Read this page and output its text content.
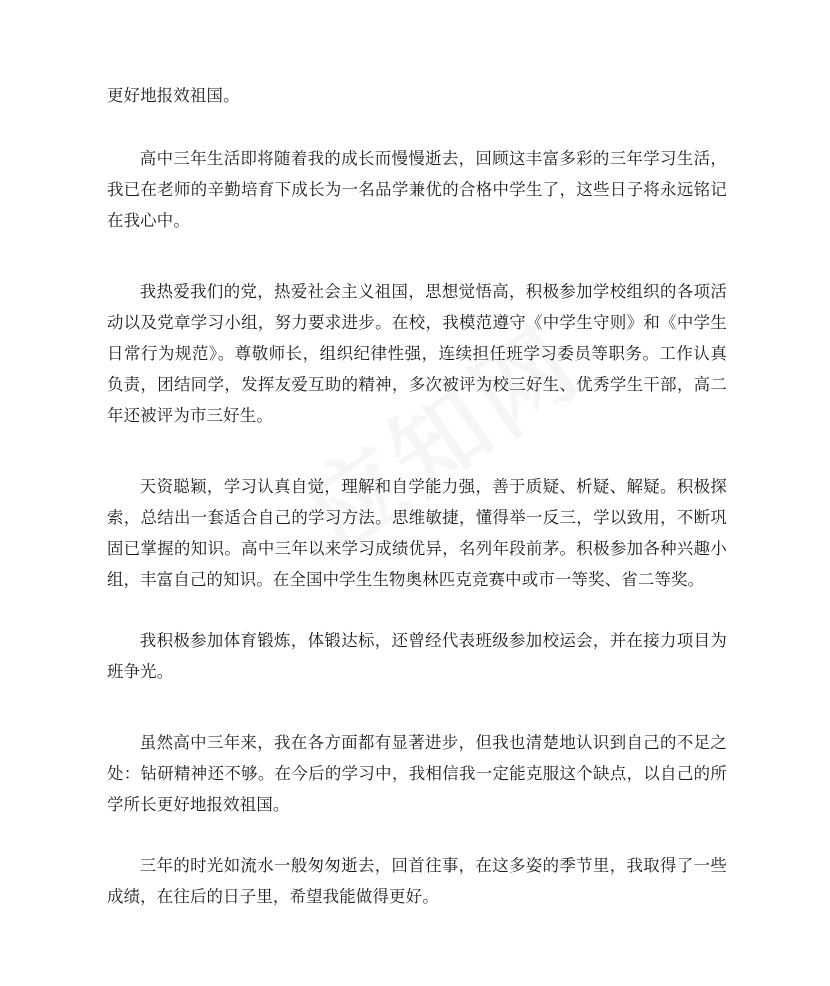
更好地报效祖国。

高中三年生活即将随着我的成长而慢慢逝去，回顾这丰富多彩的三年学习生活，我已在老师的辛勤培育下成长为一名品学兼优的合格中学生了，这些日子将永远铭记在我心中。

我热爱我们的党，热爱社会主义祖国，思想觉悟高，积极参加学校组织的各项活动以及党章学习小组，努力要求进步。在校，我模范遵守《中学生守则》和《中学生日常行为规范》。尊敬师长，组织纪律性强，连续担任班学习委员等职务。工作认真负责，团结同学，发挥友爱互助的精神，多次被评为校三好生、优秀学生干部，高二年还被评为市三好生。

天资聪颖，学习认真自觉，理解和自学能力强，善于质疑、析疑、解疑。积极探索，总结出一套适合自己的学习方法。思维敏捷，懂得举一反三，学以致用，不断巩固已掌握的知识。高中三年以来学习成绩优异，名列年段前茅。积极参加各种兴趣小组，丰富自己的知识。在全国中学生生物奥林匹克竞赛中或市一等奖、省二等奖。

我积极参加体育锻炼，体锻达标，还曾经代表班级参加校运会，并在接力项目为班争光。

虽然高中三年来，我在各方面都有显著进步，但我也清楚地认识到自己的不足之处：钻研精神还不够。在今后的学习中，我相信我一定能克服这个缺点，以自己的所学所长更好地报效祖国。

三年的时光如流水一般匆匆逝去，回首往事，在这多姿的季节里，我取得了一些成绩，在往后的日子里，希望我能做得更好。
